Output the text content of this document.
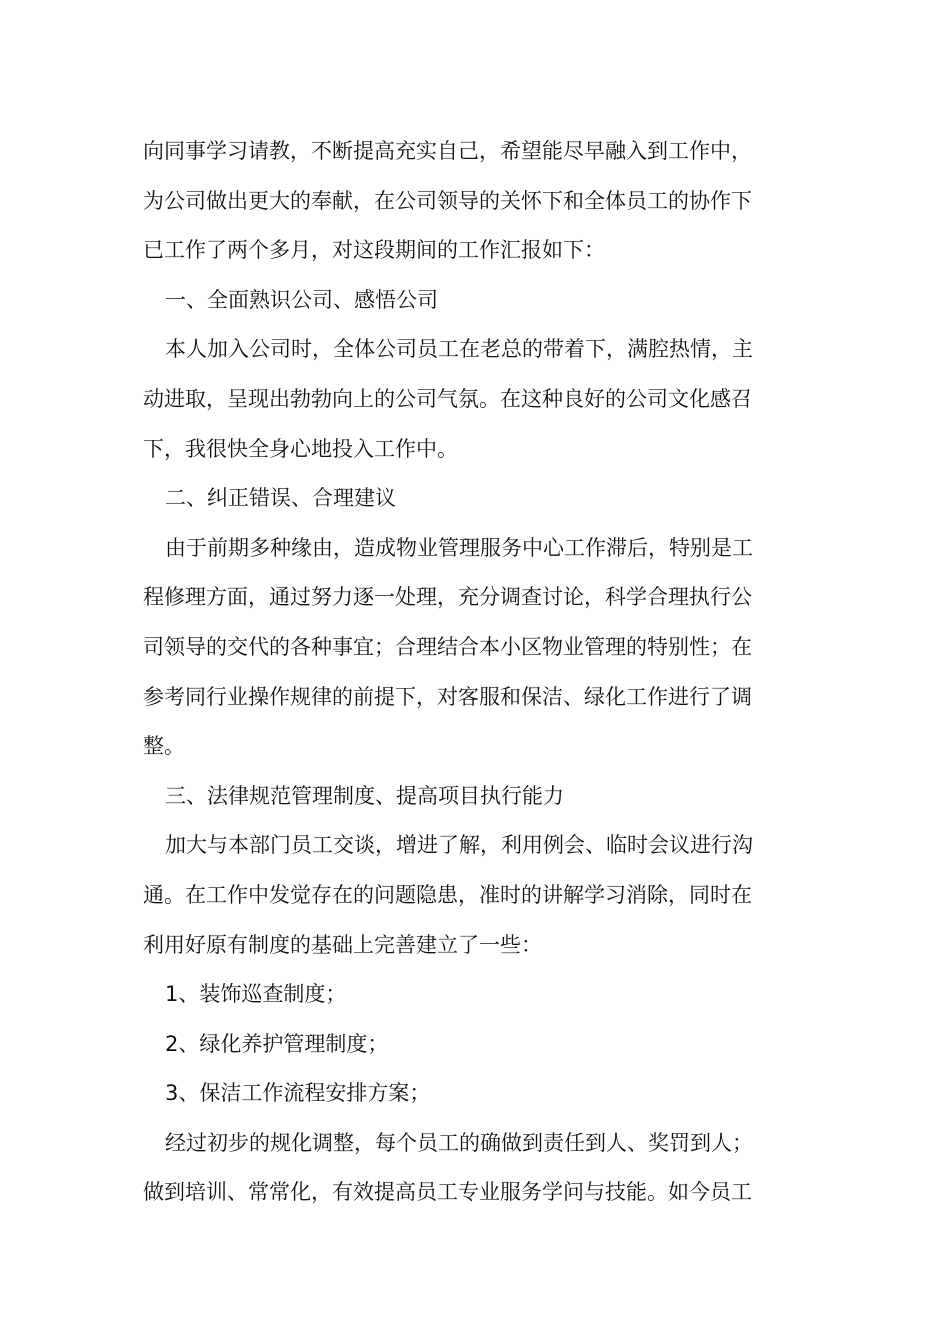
向同事学习请教，不断提高充实自己，希望能尽早融入到工作中，
为公司做出更大的奉献，在公司领导的关怀下和全体员工的协作下
已工作了两个多月，对这段期间的工作汇报如下：
一、全面熟识公司、感悟公司
本人加入公司时，全体公司员工在老总的带着下，满腔热情，主
动进取，呈现出勃勃向上的公司气氛。在这种良好的公司文化感召
下，我很快全身心地投入工作中。
二、纠正错误、合理建议
由于前期多种缘由，造成物业管理服务中心工作滞后，特别是工
程修理方面，通过努力逐一处理，充分调查讨论，科学合理执行公
司领导的交代的各种事宜；合理结合本小区物业管理的特别性；在
参考同行业操作规律的前提下，对客服和保洁、绿化工作进行了调
整。
三、法律规范管理制度、提高项目执行能力
加大与本部门员工交谈，增进了解，利用例会、临时会议进行沟
通。在工作中发觉存在的问题隐患，准时的讲解学习消除，同时在
利用好原有制度的基础上完善建立了一些：
1、装饰巡查制度；
2、绿化养护管理制度；
3、保洁工作流程安排方案；
经过初步的规化调整，每个员工的确做到责任到人、奖罚到人；
做到培训、常常化，有效提高员工专业服务学问与技能。如今员工
